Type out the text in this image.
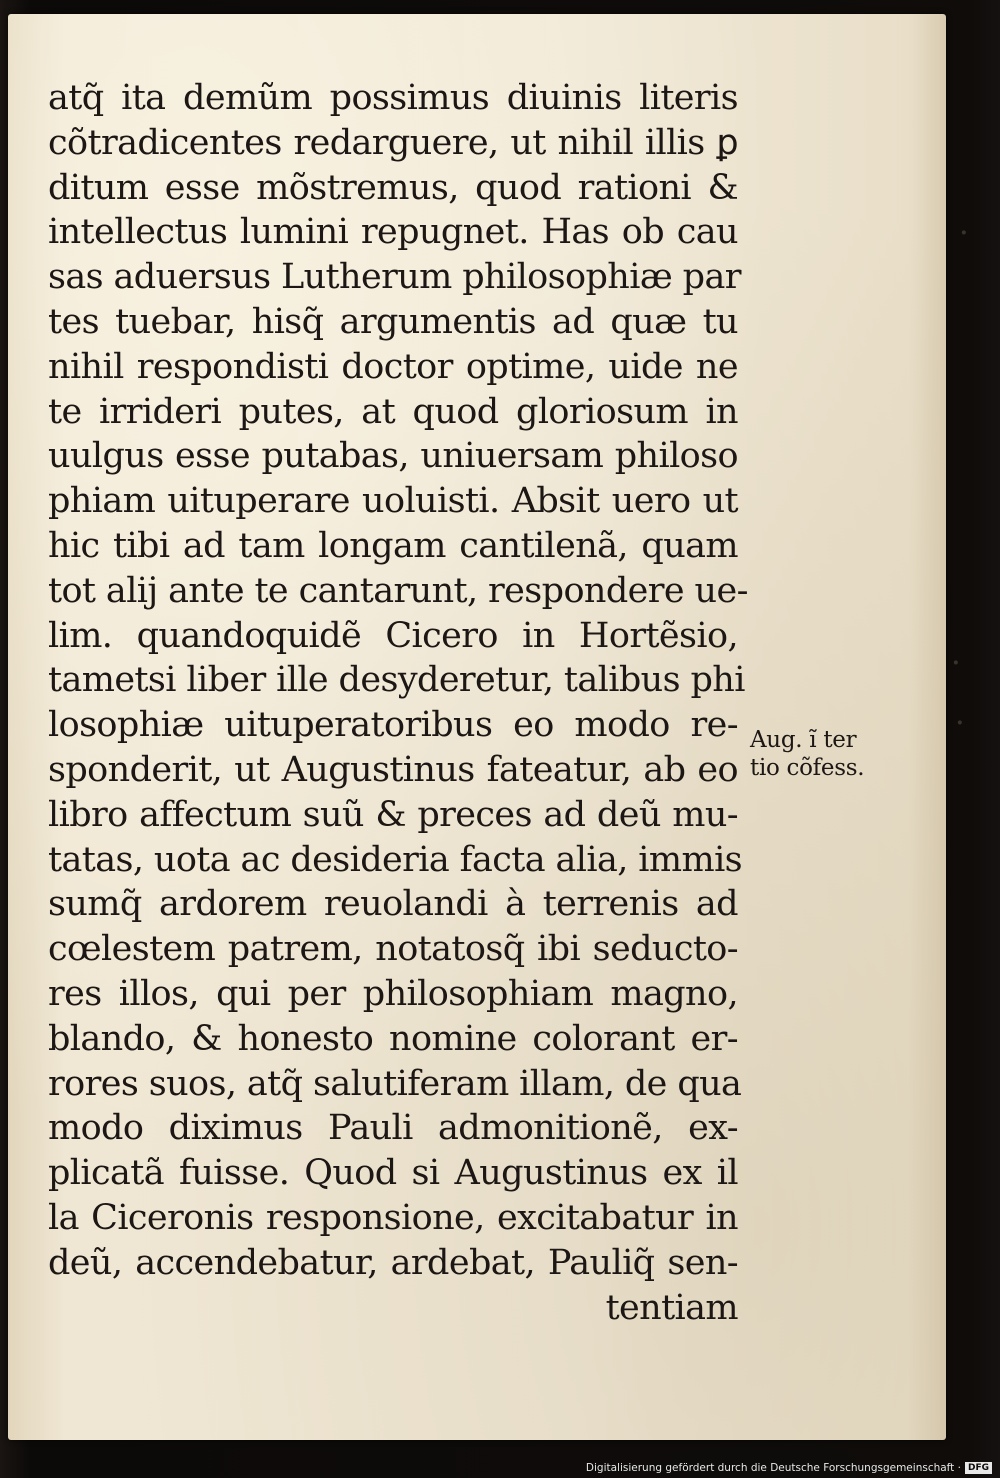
·
·
·
atq̃ ita demũm possimus diuinis literis
cõtradicentes redarguere, ut nihil illis ꝑ
ditum esse mõstremus, quod rationi &
intellectus lumini repugnet. Has ob cau
sas aduersus Lutherum philosophiæ par
tes tuebar, hisq̃ argumentis ad quæ tu
nihil respondisti doctor optime, uide ne
te irrideri putes, at quod gloriosum in
uulgus esse putabas, uniuersam philoso
phiam uituperare uoluisti. Absit uero ut
hic tibi ad tam longam cantilenã, quam
tot alij ante te cantarunt, respondere ue-
lim. quandoquidẽ Cicero in Hortẽsio,
tametsi liber ille desyderetur, talibus phi
losophiæ uituperatoribus eo modo re-
sponderit, ut Augustinus fateatur, ab eo
libro affectum suũ & preces ad deũ mu-
tatas, uota ac desideria facta alia, immis
sumq̃ ardorem reuolandi à terrenis ad
cœlestem patrem, notatosq̃ ibi seducto-
res illos, qui per philosophiam magno,
blando, & honesto nomine colorant er-
rores suos, atq̃ salutiferam illam, de qua
modo diximus Pauli admonitionẽ, ex-
plicatã fuisse. Quod si Augustinus ex il
la Ciceronis responsione, excitabatur in
deũ, accendebatur, ardebat, Pauliq̃ sen-
tentiam
Aug. ĩ ter
tio cõfess.
Digitalisierung gefördert durch die Deutsche Forschungsgemeinschaft · DFG
